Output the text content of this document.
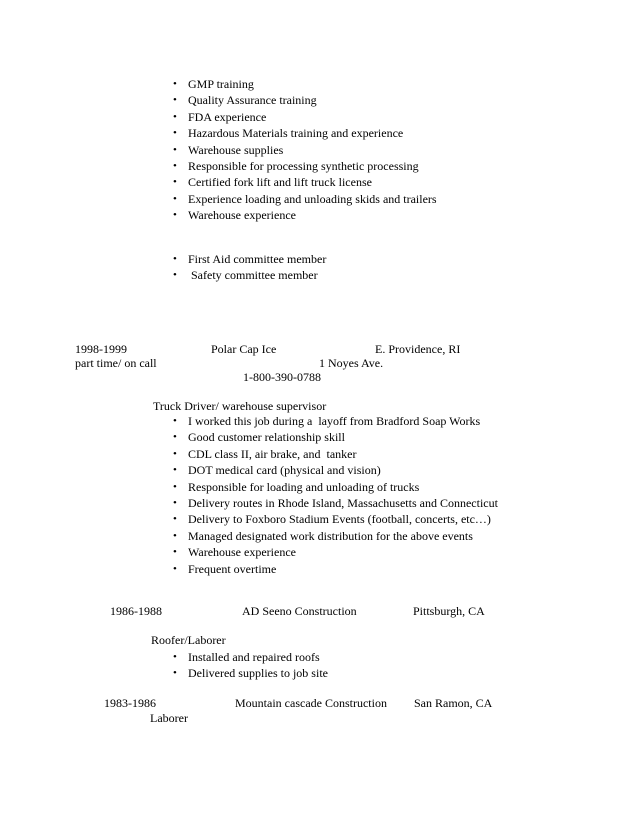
• GMP training
• Quality Assurance training
• FDA experience
• Hazardous Materials training and experience
• Warehouse supplies
• Responsible for processing synthetic processing
• Certified fork lift and lift truck license
• Experience loading and unloading skids and trailers
• Warehouse experience
• First Aid committee member
• Safety committee member
1998-1999	Polar Cap Ice	E. Providence, RI
part time/ on call	1 Noyes Ave.
1-800-390-0788
Truck Driver/ warehouse supervisor
• I worked this job during a  layoff from Bradford Soap Works
• Good customer relationship skill
• CDL class II, air brake, and  tanker
• DOT medical card (physical and vision)
• Responsible for loading and unloading of trucks
• Delivery routes in Rhode Island, Massachusetts and Connecticut
• Delivery to Foxboro Stadium Events (football, concerts, etc…)
• Managed designated work distribution for the above events
• Warehouse experience
• Frequent overtime
1986-1988	AD Seeno Construction	Pittsburgh, CA
Roofer/Laborer
• Installed and repaired roofs
• Delivered supplies to job site
1983-1986	Mountain cascade Construction San Ramon, CA
Laborer
